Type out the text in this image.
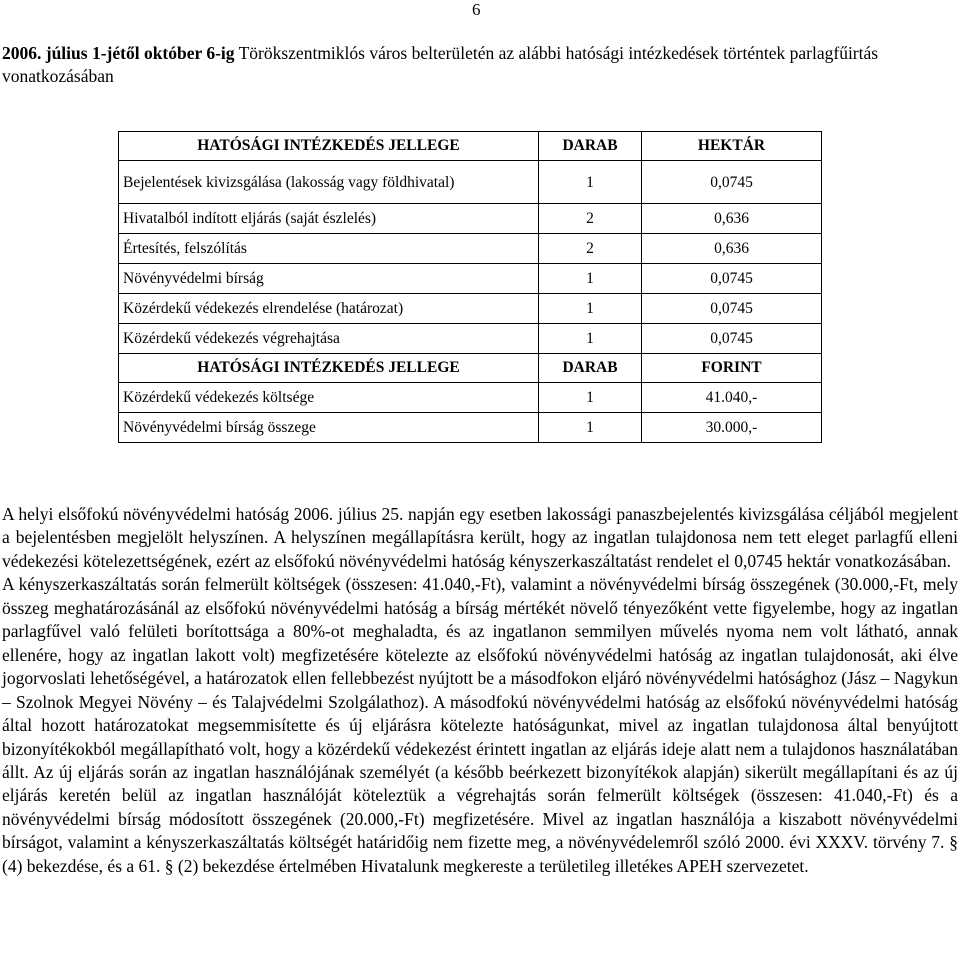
6
2006. július 1-jétől október 6-ig Törökszentmiklós város belterületén az alábbi hatósági intézkedések történtek parlagfűirtás vonatkozásában
HATÓSÁGI INTÉZKEDÉS JELLEGE	DARAB	HEKTÁR
Bejelentések kivizsgálása (lakosság vagy földhivatal)	1	0,0745
Hivatalból indított eljárás (saját észlelés)	2	0,636
Értesítés, felszólítás	2	0,636
Növényvédelmi bírság	1	0,0745
Közérdekű védekezés elrendelése (határozat)	1	0,0745
Közérdekű védekezés végrehajtása	1	0,0745
HATÓSÁGI INTÉZKEDÉS JELLEGE	DARAB	FORINT
Közérdekű védekezés költsége	1	41.040,-
Növényvédelmi bírság összege	1	30.000,-

A helyi elsőfokú növényvédelmi hatóság 2006. július 25. napján egy esetben lakossági panaszbejelentés kivizsgálása céljából megjelent a bejelentésben megjelölt helyszínen. A helyszínen megállapításra került, hogy az ingatlan tulajdonosa nem tett eleget parlagfű elleni védekezési kötelezettségének, ezért az elsőfokú növényvédelmi hatóság kényszerkaszáltatást rendelet el 0,0745 hektár vonatkozásában.

A kényszerkaszáltatás során felmerült költségek (összesen: 41.040,-Ft), valamint a növényvédelmi bírság összegének (30.000,-Ft, mely összeg meghatározásánál az elsőfokú növényvédelmi hatóság a bírság mértékét növelő tényezőként vette figyelembe, hogy az ingatlan parlagfűvel való felületi borítottsága a 80%-ot meghaladta, és az ingatlanon semmilyen művelés nyoma nem volt látható, annak ellenére, hogy az ingatlan lakott volt) megfizetésére kötelezte az elsőfokú növényvédelmi hatóság az ingatlan tulajdonosát, aki élve jogorvoslati lehetőségével, a határozatok ellen fellebbezést nyújtott be a másodfokon eljáró növényvédelmi hatósághoz (Jász – Nagykun – Szolnok Megyei Növény – és Talajvédelmi Szolgálathoz). A másodfokú növényvédelmi hatóság az elsőfokú növényvédelmi hatóság által hozott határozatokat megsemmisítette és új eljárásra kötelezte hatóságunkat, mivel az ingatlan tulajdonosa által benyújtott bizonyítékokból megállapítható volt, hogy a közérdekű védekezést érintett ingatlan az eljárás ideje alatt nem a tulajdonos használatában állt. Az új eljárás során az ingatlan használójának személyét (a később beérkezett bizonyítékok alapján) sikerült megállapítani és az új eljárás keretén belül az ingatlan használóját köteleztük a végrehajtás során felmerült költségek (összesen: 41.040,-Ft) és a növényvédelmi bírság módosított összegének (20.000,-Ft) megfizetésére. Mivel az ingatlan használója a kiszabott növényvédelmi bírságot, valamint a kényszerkaszáltatás költségét határidőig nem fizette meg, a növényvédelemről szóló 2000. évi XXXV. törvény 7. § (4) bekezdése, és a 61. § (2) bekezdése értelmében Hivatalunk megkereste a területileg illetékes APEH szervezetet.
